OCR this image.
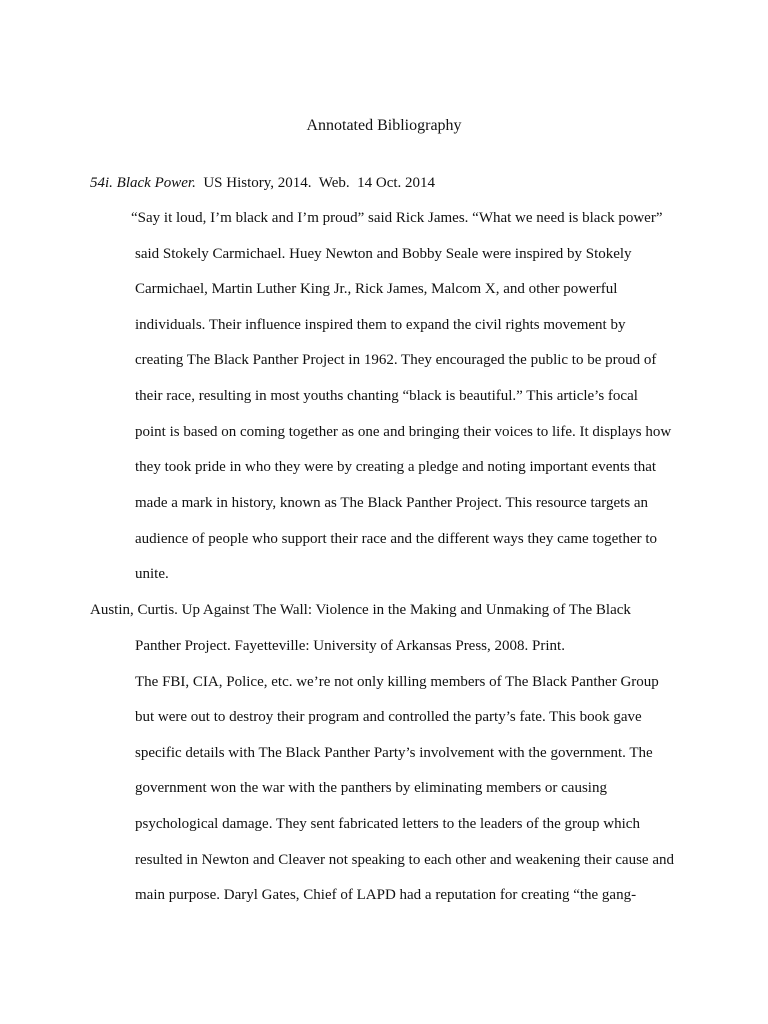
Annotated Bibliography
54i. Black Power.  US History, 2014.  Web.  14 Oct. 2014
“Say it loud, I’m black and I’m proud” said Rick James. “What we need is black power”
said Stokely Carmichael. Huey Newton and Bobby Seale were inspired by Stokely
Carmichael, Martin Luther King Jr., Rick James, Malcom X, and other powerful
individuals. Their influence inspired them to expand the civil rights movement by
creating The Black Panther Project in 1962. They encouraged the public to be proud of
their race, resulting in most youths chanting “black is beautiful.” This article’s focal
point is based on coming together as one and bringing their voices to life. It displays how
they took pride in who they were by creating a pledge and noting important events that
made a mark in history, known as The Black Panther Project. This resource targets an
audience of people who support their race and the different ways they came together to
unite.
Austin, Curtis. Up Against The Wall: Violence in the Making and Unmaking of The Black
Panther Project. Fayetteville: University of Arkansas Press, 2008. Print.
The FBI, CIA, Police, etc. we’re not only killing members of The Black Panther Group
but were out to destroy their program and controlled the party’s fate. This book gave
specific details with The Black Panther Party’s involvement with the government. The
government won the war with the panthers by eliminating members or causing
psychological damage. They sent fabricated letters to the leaders of the group which
resulted in Newton and Cleaver not speaking to each other and weakening their cause and
main purpose. Daryl Gates, Chief of LAPD had a reputation for creating “the gang-
